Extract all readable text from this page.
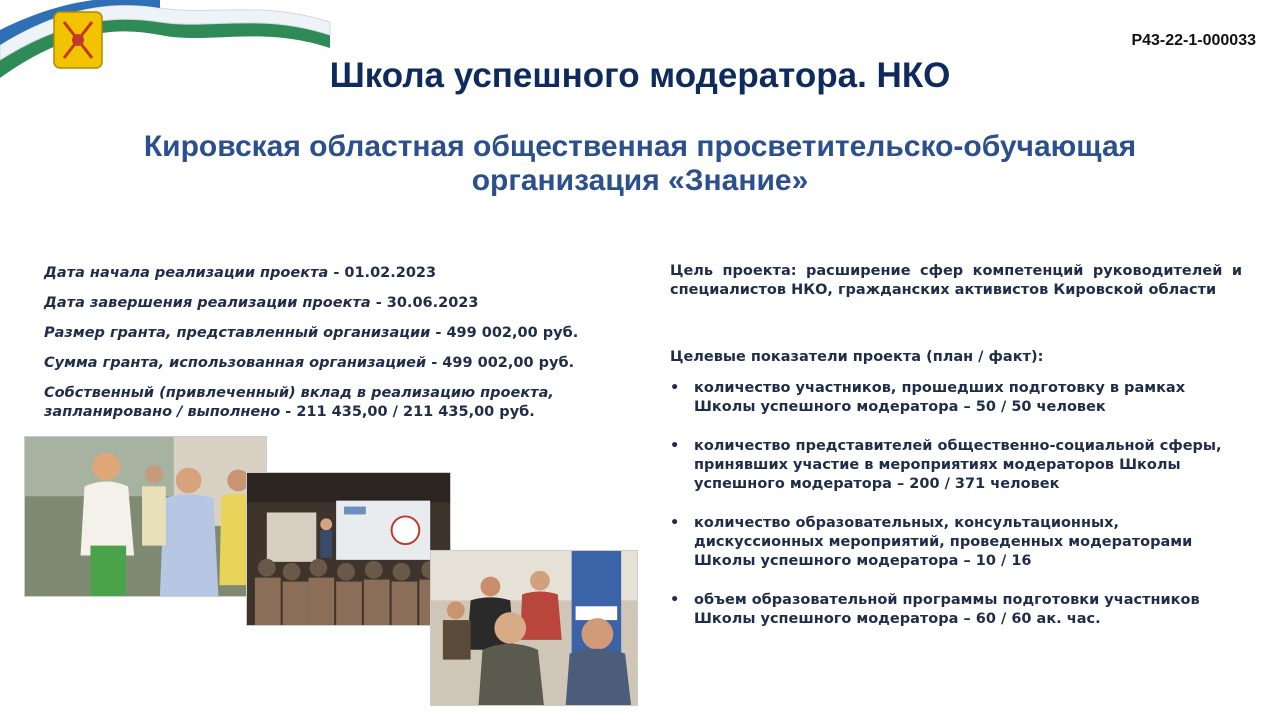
Р43-22-1-000033
Школа успешного модератора. НКО
Кировская областная общественная просветительско-обучающая
организация «Знание»
Дата начала реализации проекта - 01.02.2023
Дата завершения реализации проекта - 30.06.2023
Размер гранта, представленный организации - 499 002,00 руб.
Сумма гранта, использованная организацией - 499 002,00 руб.
Собственный (привлеченный) вклад в реализацию проекта, запланировано / выполнено - 211 435,00 / 211 435,00 руб.
Цель проекта: расширение сфер компетенций руководителей и специалистов НКО, гражданских активистов Кировской области
Целевые показатели проекта (план / факт):
• количество участников, прошедших подготовку в рамках Школы успешного модератора – 50 / 50 человек
• количество представителей общественно-социальной сферы, принявших участие в мероприятиях модераторов Школы успешного модератора – 200 / 371 человек
• количество образовательных, консультационных, дискуссионных мероприятий, проведенных модераторами Школы успешного модератора – 10 / 16
• объем образовательной программы подготовки участников Школы успешного модератора – 60 / 60 ак. час.
